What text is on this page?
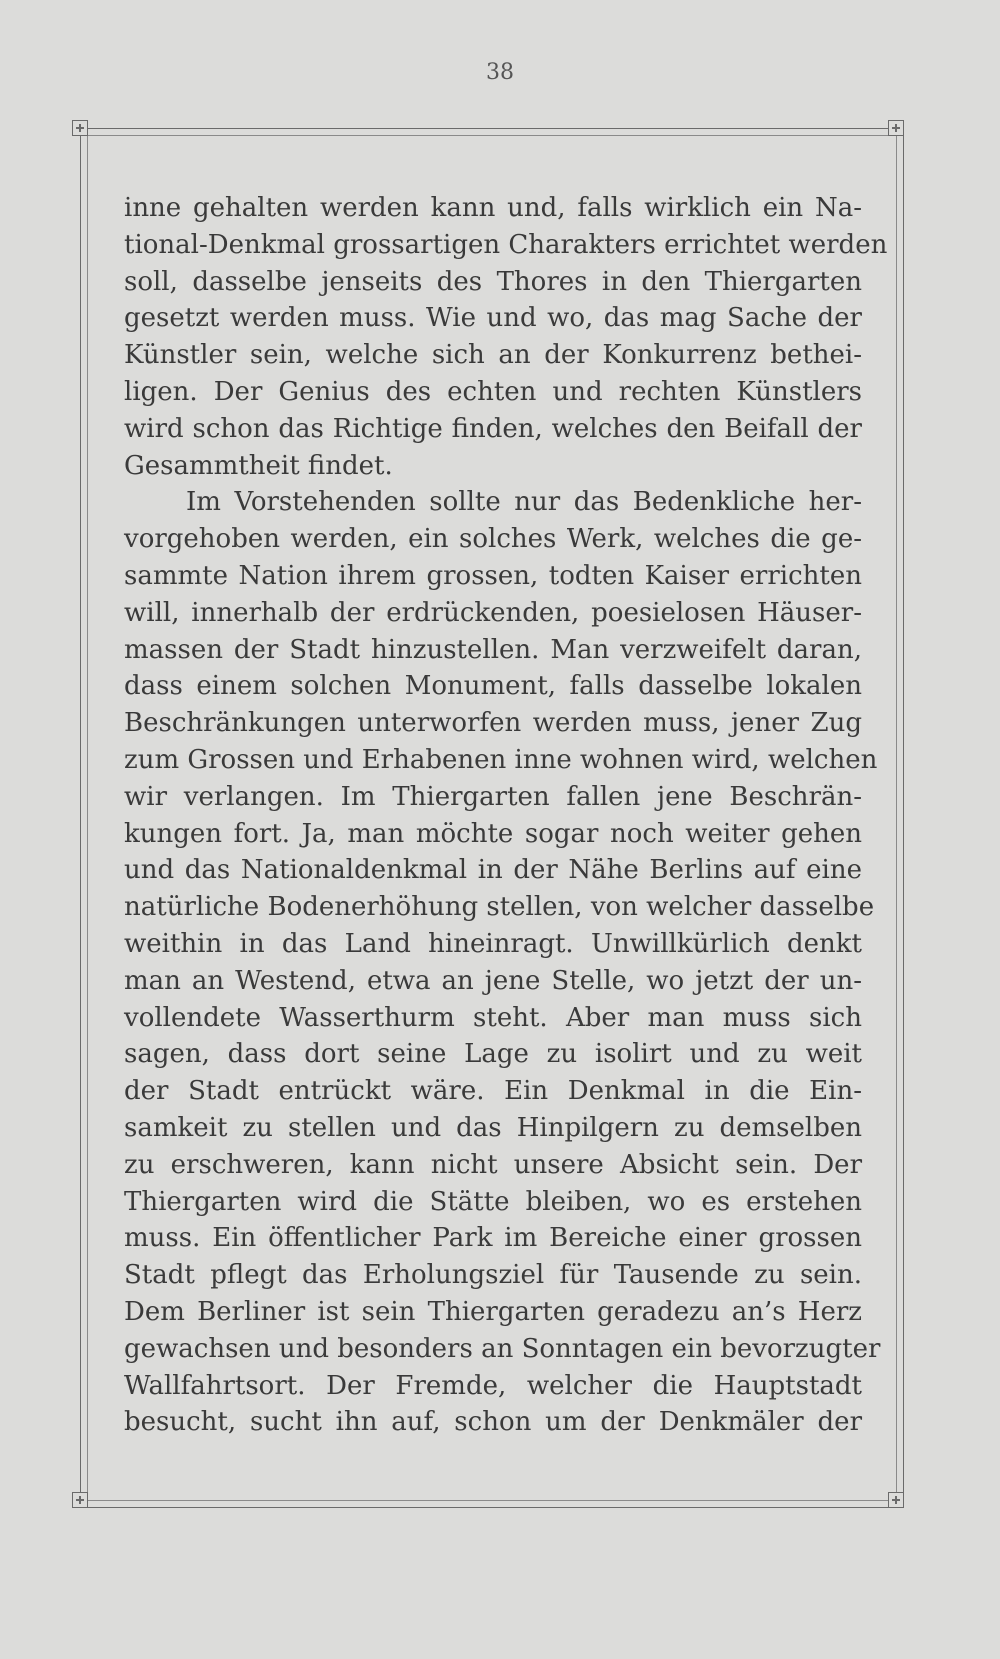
38
inne gehalten werden kann und, falls wirklich ein Na-
tional-Denkmal grossartigen Charakters errichtet werden
soll, dasselbe jenseits des Thores in den Thiergarten
gesetzt werden muss. Wie und wo, das mag Sache der
Künstler sein, welche sich an der Konkurrenz bethei-
ligen. Der Genius des echten und rechten Künstlers
wird schon das Richtige finden, welches den Beifall der
Gesammtheit findet.
Im Vorstehenden sollte nur das Bedenkliche her-
vorgehoben werden, ein solches Werk, welches die ge-
sammte Nation ihrem grossen, todten Kaiser errichten
will, innerhalb der erdrückenden, poesielosen Häuser-
massen der Stadt hinzustellen. Man verzweifelt daran,
dass einem solchen Monument, falls dasselbe lokalen
Beschränkungen unterworfen werden muss, jener Zug
zum Grossen und Erhabenen inne wohnen wird, welchen
wir verlangen. Im Thiergarten fallen jene Beschrän-
kungen fort. Ja, man möchte sogar noch weiter gehen
und das Nationaldenkmal in der Nähe Berlins auf eine
natürliche Bodenerhöhung stellen, von welcher dasselbe
weithin in das Land hineinragt. Unwillkürlich denkt
man an Westend, etwa an jene Stelle, wo jetzt der un-
vollendete Wasserthurm steht. Aber man muss sich
sagen, dass dort seine Lage zu isolirt und zu weit
der Stadt entrückt wäre. Ein Denkmal in die Ein-
samkeit zu stellen und das Hinpilgern zu demselben
zu erschweren, kann nicht unsere Absicht sein. Der
Thiergarten wird die Stätte bleiben, wo es erstehen
muss. Ein öffentlicher Park im Bereiche einer grossen
Stadt pflegt das Erholungsziel für Tausende zu sein.
Dem Berliner ist sein Thiergarten geradezu an’s Herz
gewachsen und besonders an Sonntagen ein bevorzugter
Wallfahrtsort. Der Fremde, welcher die Hauptstadt
besucht, sucht ihn auf, schon um der Denkmäler der
